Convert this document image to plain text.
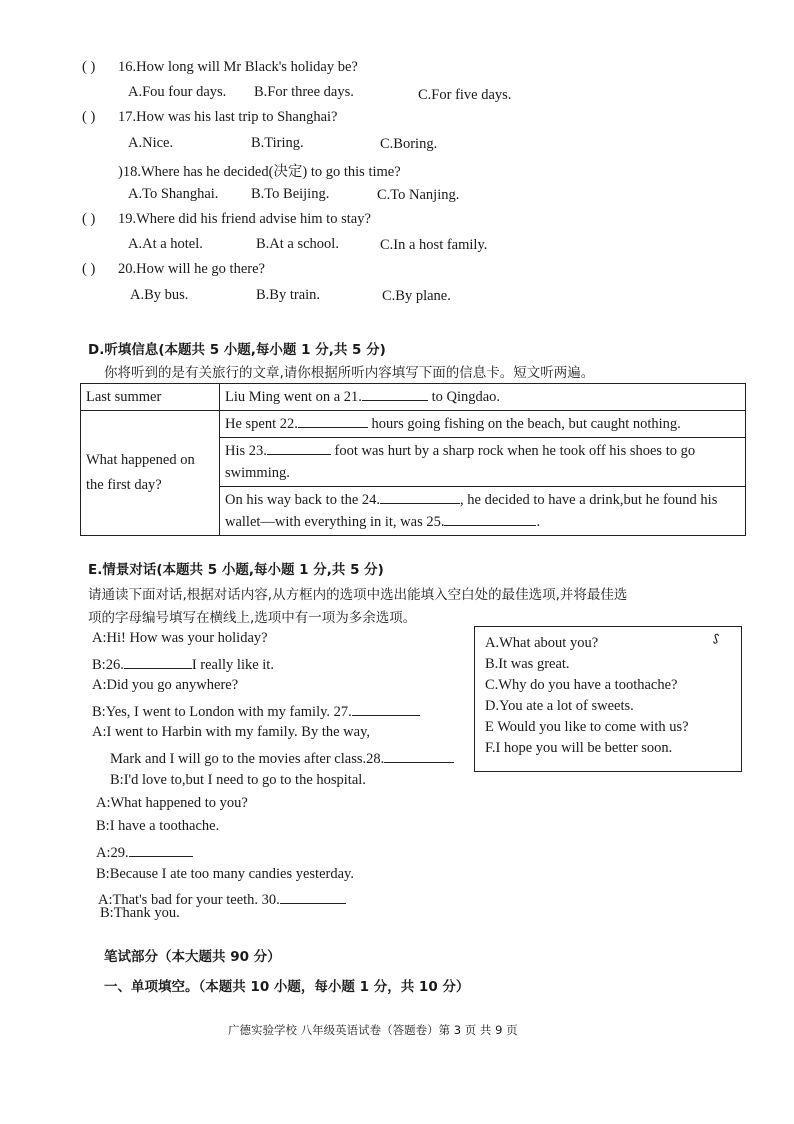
( ) 16.How long will Mr Black's holiday be?
A.Fou four days. B.For three days.	C.For five days.
( ) 17.How was his last trip to Shanghai?
A.Nice.	B.Tiring.	C.Boring.
)18.Where has he decided(决定) to go this time?
A.To Shanghai. B.To Beijing.	C.To Nanjing.
( ) 19.Where did his friend advise him to stay?
A.At a hotel.	B.At a school.	C.In a host family.
( ) 20.How will he go there?
A.By bus.	B.By train.	C.By plane.
D.听填信息(本题共 5 小题,每小题 1 分,共 5 分)
你将听到的是有关旅行的文章,请你根据所听内容填写下面的信息卡。短文听两遍。
Last summer	Liu Ming went on a 21. to Qingdao.
What happened on the first day?	He spent 22. hours going fishing on the beach, but caught nothing.
	His 23. foot was hurt by a sharp rock when he took off his shoes to go swimming.
	On his way back to the 24. , he decided to have a drink,but he found his wallet—with everything in it, was 25. .
E.情景对话(本题共 5 小题,每小题 1 分,共 5 分)
请通读下面对话,根据对话内容,从方框内的选项中选出能填入空白处的最佳选项,并将最佳选
项的字母编号填写在横线上,选项中有一项为多余选项。
A:Hi! How was your holiday?
B:26.	I really like it.
A:Did you go anywhere?
B:Yes, I went to London with my family. 27.
A:I went to Harbin with my family. By the way,
Mark and I will go to the movies after class.28.
B:I'd love to,but I need to go to the hospital.
A:What happened to you?
B:I have a toothache.
A:29.
B:Because I ate too many candies yesterday.
A:That's bad for your teeth. 30.
B:Thank you.
A.What about you?
B.It was great.
C.Why do you have a toothache?
D.You ate a lot of sweets.
E Would you like to come with us?
F.I hope you will be better soon.
ᔑ
笔试部分（本大题共 90 分）
一、单项填空。（本题共 10 小题，每小题 1 分，共 10 分）
广德实验学校 八年级英语试卷（答题卷）第 3 页 共 9 页
